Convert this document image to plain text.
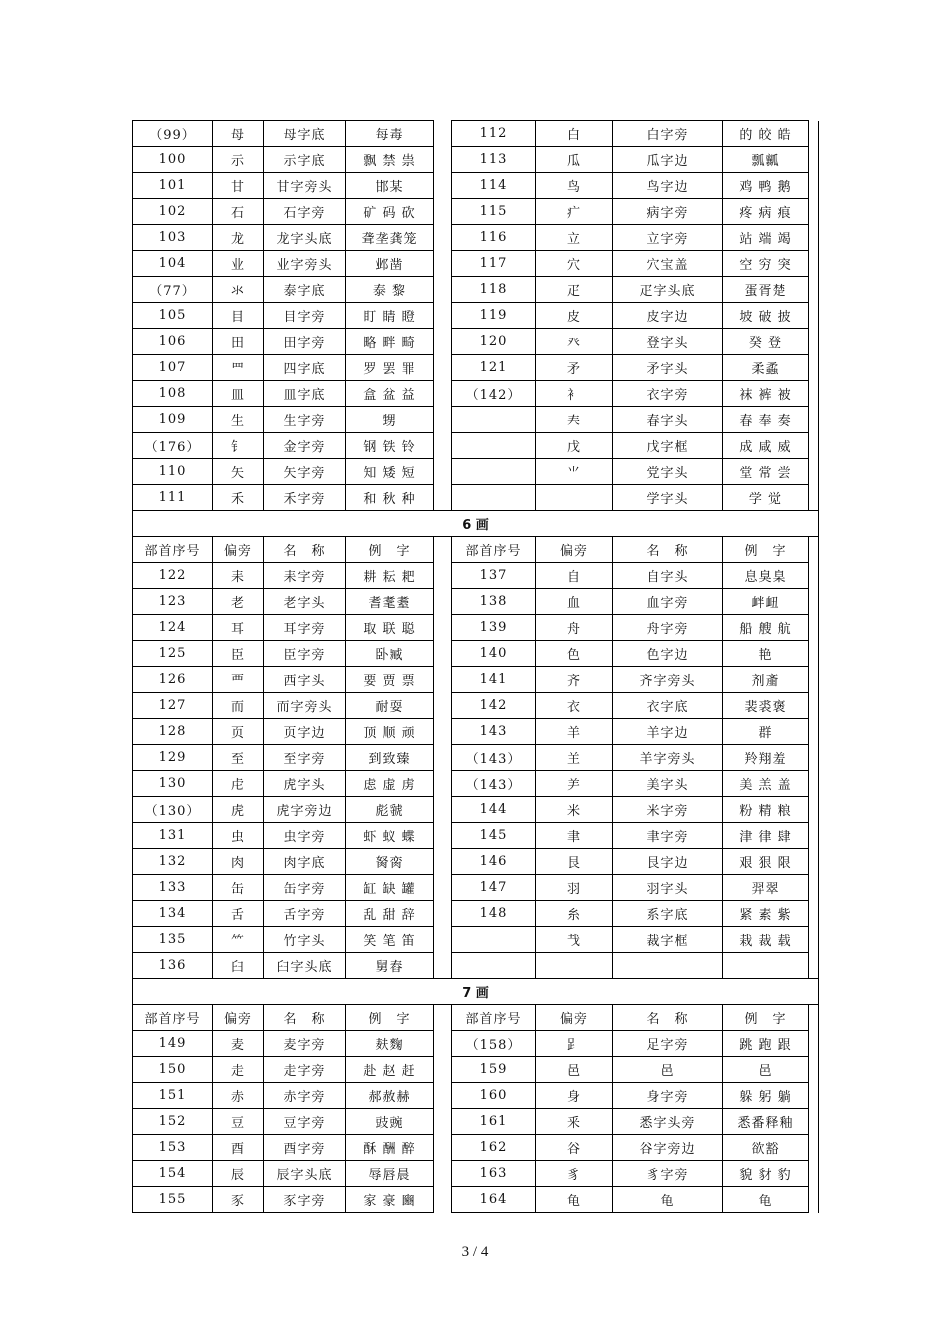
（99）	母	母字底	每毒		112	白	白字旁	的 皎 皓	
100	示	示字底	飘 禁 祟		113	瓜	瓜字边	瓢瓤	
101	甘	甘字旁头	邯某		114	鸟	鸟字边	鸡 鸭 鹅	
102	石	石字旁	矿 码 砍		115	疒	病字旁	疼 病 痕	
103	龙	龙字头底	聋垄龚笼		116	立	立字旁	站 端 竭	
104	业	业字旁头	邺凿		117	穴	穴宝盖	空 穷 突	
（77）	氺	泰字底	泰 黎		118	疋	疋字头底	蛋胥楚	
105	目	目字旁	盯 睛 瞪		119	皮	皮字边	坡 破 披	
106	田	田字旁	略 畔 畸		120	癶	登字头	癸 登	
107	罒	四字底	罗 罢 罪		121	矛	矛字头	柔蟊	
108	皿	皿字底	盒 盆 益		（142）	衤	衣字旁	袜 裤 被	
109	生	生字旁	甥			𡗗	春字头	春 奉 奏	
（176）	钅	金字旁	钢 铁 铃			戊	戊字框	成 咸 威	
110	矢	矢字旁	知 矮 短			⺌	党字头	堂 常 尝	
111	禾	禾字旁	和 秋 种				学字头	学 觉	
6 画									
部首序号	偏旁	名　称	例　字		部首序号	偏旁	名　称	例　字	
122	耒	耒字旁	耕 耘 耙		137	自	自字头	息臭臬	
123	老	老字头	耆耄耋		138	血	血字旁	衅衄	
124	耳	耳字旁	取 联 聪		139	舟	舟字旁	船 艘 航	
125	臣	臣字旁	卧臧		140	色	色字边	艳	
126	覀	西字头	要 贾 票		141	齐	齐字旁头	剂齑	
127	而	而字旁头	耐耍		142	衣	衣字底	裴裘褒	
128	页	页字边	顶 顺 顽		143	羊	羊字边	群	
129	至	至字旁	到致臻		（143）	𦍌	羊字旁头	羚翔羞	
130	虍	虎字头	虑 虚 虏		（143）	⺶	美字头	美 羔 盖	
（130）	虎	虎字旁边	彪虢		144	米	米字旁	粉 精 粮	
131	虫	虫字旁	虾 蚁 蝶		145	聿	聿字旁	津 律 肆	
132	肉	肉字底	胬脔		146	艮	艮字边	艰 狠 限	
133	缶	缶字旁	缸 缺 罐		147	羽	羽字头	羿翠	
134	舌	舌字旁	乱 甜 辞		148	糸	系字底	紧 素 紫	
135	⺮	竹字头	笑 笔 笛			𢦏	裁字框	栽 裁 载	
136	臼	臼字头底	舅舂						
7 画									
部首序号	偏旁	名　称	例　字		部首序号	偏旁	名　称	例　字	
149	麦	麦字旁	麸麴		（158）	𧾷	足字旁	跳 跑 跟	
150	走	走字旁	赴 赵 赶		159	邑	邑	邑	
151	赤	赤字旁	郝赦赫		160	身	身字旁	躲 躬 躺	
152	豆	豆字旁	豉豌		161	釆	悉字头旁	悉番释釉	
153	酉	酉字旁	酥 酬 醉		162	谷	谷字旁边	欲豁	
154	辰	辰字头底	辱唇晨		163	豸	豸字旁	貌 豺 豹	
155	豕	豕字旁	家 豪 豳		164	龟	龟	龟	
3 / 4
